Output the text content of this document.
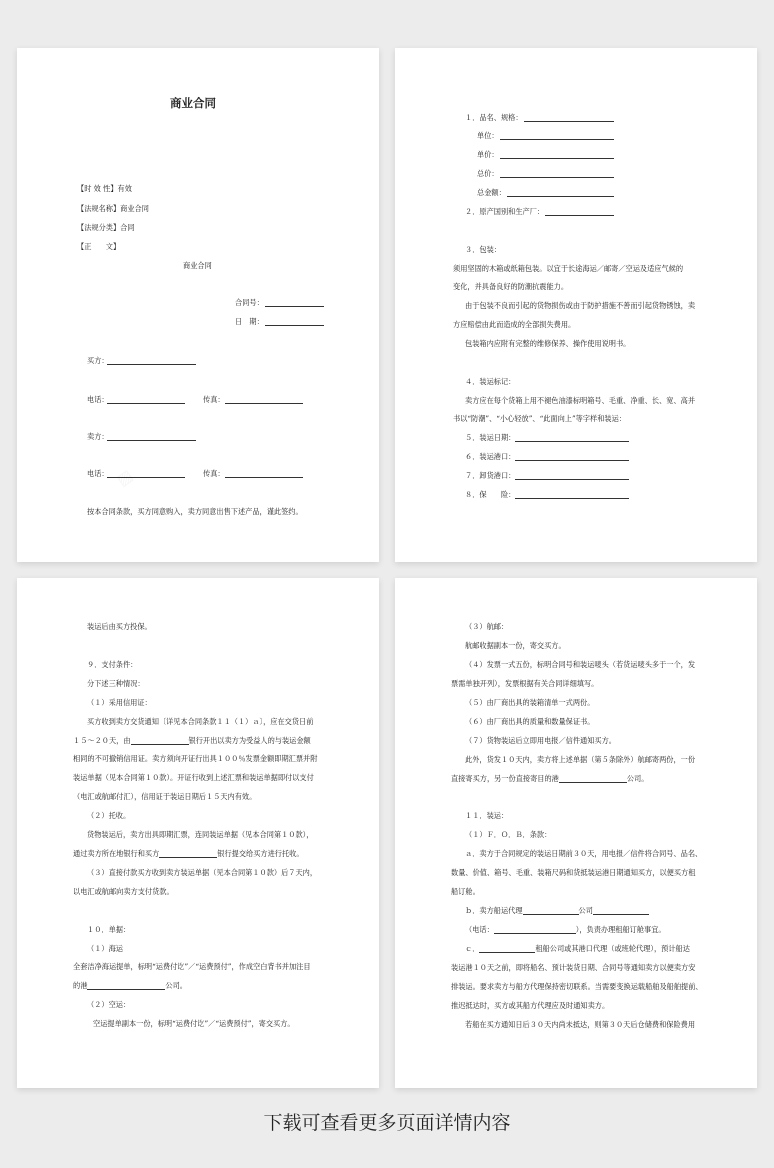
商业合同
【时 效 性】有效
【法规名称】商业合同
【法规分类】合同
【正　　文】
商业合同
合同号：
日　期：
买方：
电话：	传真：
卖方：
电话：	传真：
按本合同条款，买方同意购入，卖方同意出售下述产品，谨此签约。
１．品名、规格：
单位：
单价：
总价：
总金额：
２．原产国别和生产厂：
３．包装：
须用坚固的木箱或纸箱包装。以宜于长途海运／邮寄／空运及适应气候的
变化，并具备良好的防潮抗震能力。
由于包装不良而引起的货物损伤或由于防护措施不善而引起货物锈蚀，卖
方应赔偿由此而造成的全部损失费用。
包装箱内应附有完整的维修保养、操作使用说明书。
４．装运标记：
卖方应在每个货箱上用不褪色油漆标明箱号、毛重、净重、长、宽、高并
书以“防潮”、“小心轻放”、“此面向上”等字样和装运：
５．装运日期：
６．装运港口：
７．卸货港口：
８．保　　险：
装运后由买方投保。
９．支付条件：
分下述三种情况：
（１）采用信用证：
买方收到卖方交货通知〔详见本合同条款１１（１）ａ〕，应在交货日前
１５～２０天，由	银行开出以卖方为受益人的与装运金额
相同的不可撤销信用证。卖方须向开证行出具１００％发票金额即期汇票并附
装运单据（见本合同第１０款）。开证行收到上述汇票和装运单据即付以支付
（电汇或航邮付汇），信用证于装运日期后１５天内有效。
（２）托收。
货物装运后，卖方出具即期汇票，连同装运单据（见本合同第１０款），
通过卖方所在地银行和买方	银行提交给买方进行托收。
（３）直接付款买方收到卖方装运单据（见本合同第１０款）后７天内，
以电汇或航邮向卖方支付货款。
１０．单据：
（１）海运
全套洁净海运提单，标明“运费付讫”／“运费预付”，作成空白背书并加注目
的港	公司。
（２）空运：
空运提单副本一份，标明“运费付讫”／“运费预付”，寄交买方。
（３）航邮：
航邮收据副本一份，寄交买方。
（４）发票一式五份，标明合同号和装运唛头（若货运唛头多于一个，发
票需单独开列），发票根据有关合同详细填写。
（５）由厂商出具的装箱清单一式两份。
（６）由厂商出具的质量和数量保证书。
（７）货物装运后立即用电报／信件通知买方。
此外，货发１０天内，卖方将上述单据（第５条除外）航邮寄两份，一份
直接寄买方，另一份直接寄目的港	公司。
１１．装运：
（１）Ｆ．Ｏ．Ｂ．条款：
ａ．卖方于合同规定的装运日期前３０天，用电报／信件将合同号、品名、
数量、价值、箱号、毛重、装箱尺码和货抵装运港日期通知买方，以便买方租
船订舱。
ｂ．卖方船运代理	公司
（电话：	），负责办理租船订舱事宜。
ｃ．	租船公司或其港口代理（或班轮代理），预计船达
装运港１０天之前，即将船名、预计装货日期、合同号等通知卖方以便卖方安
排装运。要求卖方与船方代理保持密切联系。当需要变换运载船舶及船舶提前、
推迟抵达时，买方或其船方代理应及时通知卖方。
若船在买方通知日后３０天内尚未抵达，则第３０天后仓储费和保险费用
下载可查看更多页面详情内容
